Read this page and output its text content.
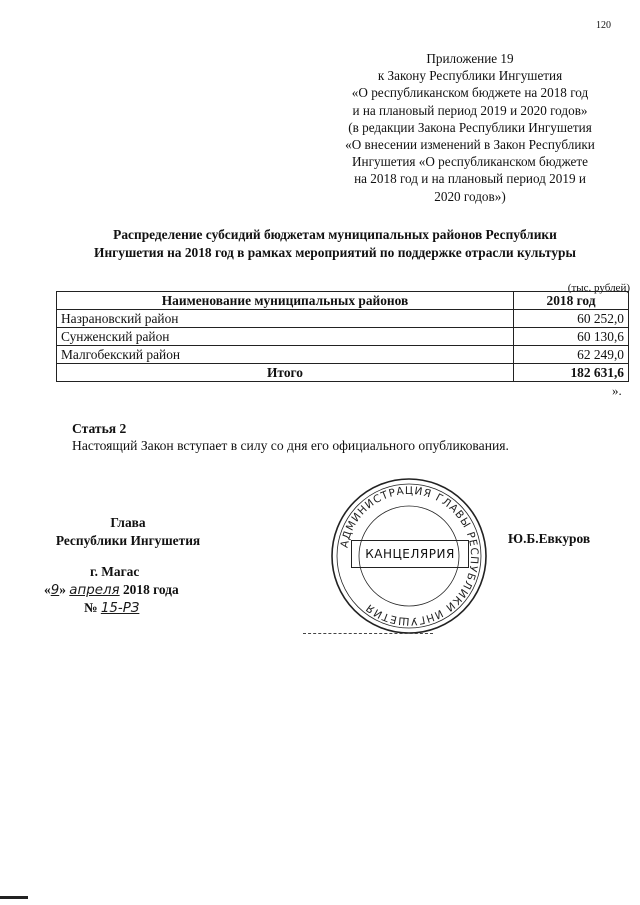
120
Приложение 19
к Закону Республики Ингушетия
«О республиканском бюджете на 2018 год
и на плановый период 2019 и 2020 годов»
(в редакции Закона Республики Ингушетия
«О внесении изменений в Закон Республики
Ингушетия «О республиканском бюджете
на 2018 год и на плановый период 2019 и
2020 годов»)
Распределение субсидий бюджетам муниципальных районов Республики
Ингушетия на 2018 год в рамках мероприятий по поддержке отрасли культуры
(тыс. рублей)
Наименование муниципальных районов	2018 год
Назрановский район	60 252,0
Сунженский район	60 130,6
Малгобекский район	62 249,0
Итого	182 631,6
».
Статья 2
Настоящий Закон вступает в силу со дня его официального опубликования.
Глава
Республики Ингушетия
г. Магас
«9» апреля 2018 года
№ 15-РЗ
Ю.Б.Евкуров
АДМИНИСТРАЦИЯ ГЛАВЫ РЕСПУБЛИКИ ИНГУШЕТИЯ
КАНЦЕЛЯРИЯ
